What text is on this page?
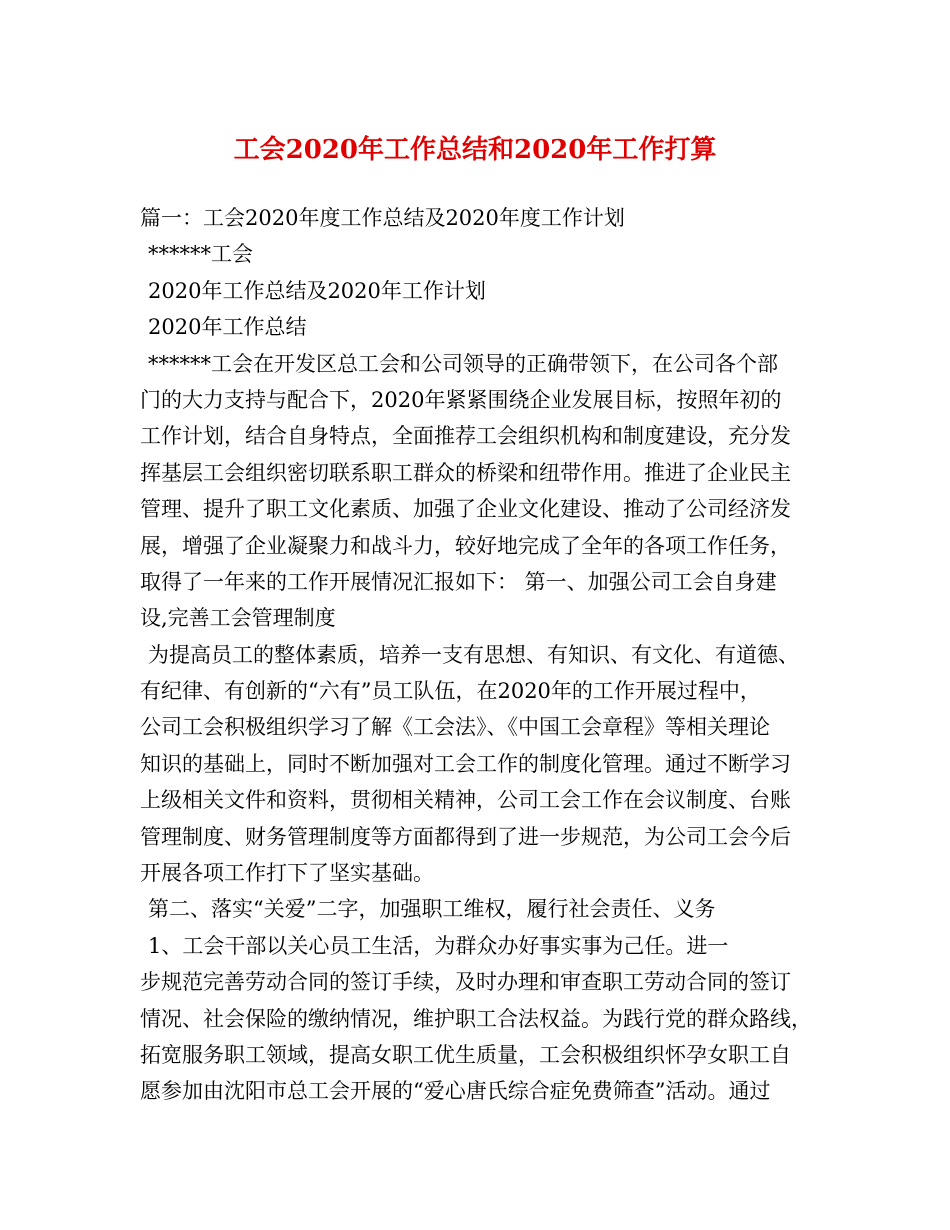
工会2020年工作总结和2020年工作打算
篇一：工会2020年度工作总结及2020年度工作计划
******工会
2020年工作总结及2020年工作计划
2020年工作总结
******工会在开发区总工会和公司领导的正确带领下，在公司各个部
门的大力支持与配合下，2020年紧紧围绕企业发展目标，按照年初的
工作计划，结合自身特点，全面推荐工会组织机构和制度建设，充分发
挥基层工会组织密切联系职工群众的桥梁和纽带作用。推进了企业民主
管理、提升了职工文化素质、加强了企业文化建设、推动了公司经济发
展，增强了企业凝聚力和战斗力，较好地完成了全年的各项工作任务，
取得了一年来的工作开展情况汇报如下： 第一、加强公司工会自身建
设,完善工会管理制度
为提高员工的整体素质，培养一支有思想、有知识、有文化、有道德、
有纪律、有创新的“六有”员工队伍，在2020年的工作开展过程中，
公司工会积极组织学习了解《工会法》、《中国工会章程》等相关理论
知识的基础上，同时不断加强对工会工作的制度化管理。通过不断学习
上级相关文件和资料，贯彻相关精神，公司工会工作在会议制度、台账
管理制度、财务管理制度等方面都得到了进一步规范，为公司工会今后
开展各项工作打下了坚实基础。
第二、落实“关爱”二字，加强职工维权，履行社会责任、义务
1、工会干部以关心员工生活，为群众办好事实事为己任。进一
步规范完善劳动合同的签订手续，及时办理和审查职工劳动合同的签订
情况、社会保险的缴纳情况，维护职工合法权益。为践行党的群众路线，
拓宽服务职工领域，提高女职工优生质量，工会积极组织怀孕女职工自
愿参加由沈阳市总工会开展的“爱心唐氏综合症免费筛查”活动。通过
